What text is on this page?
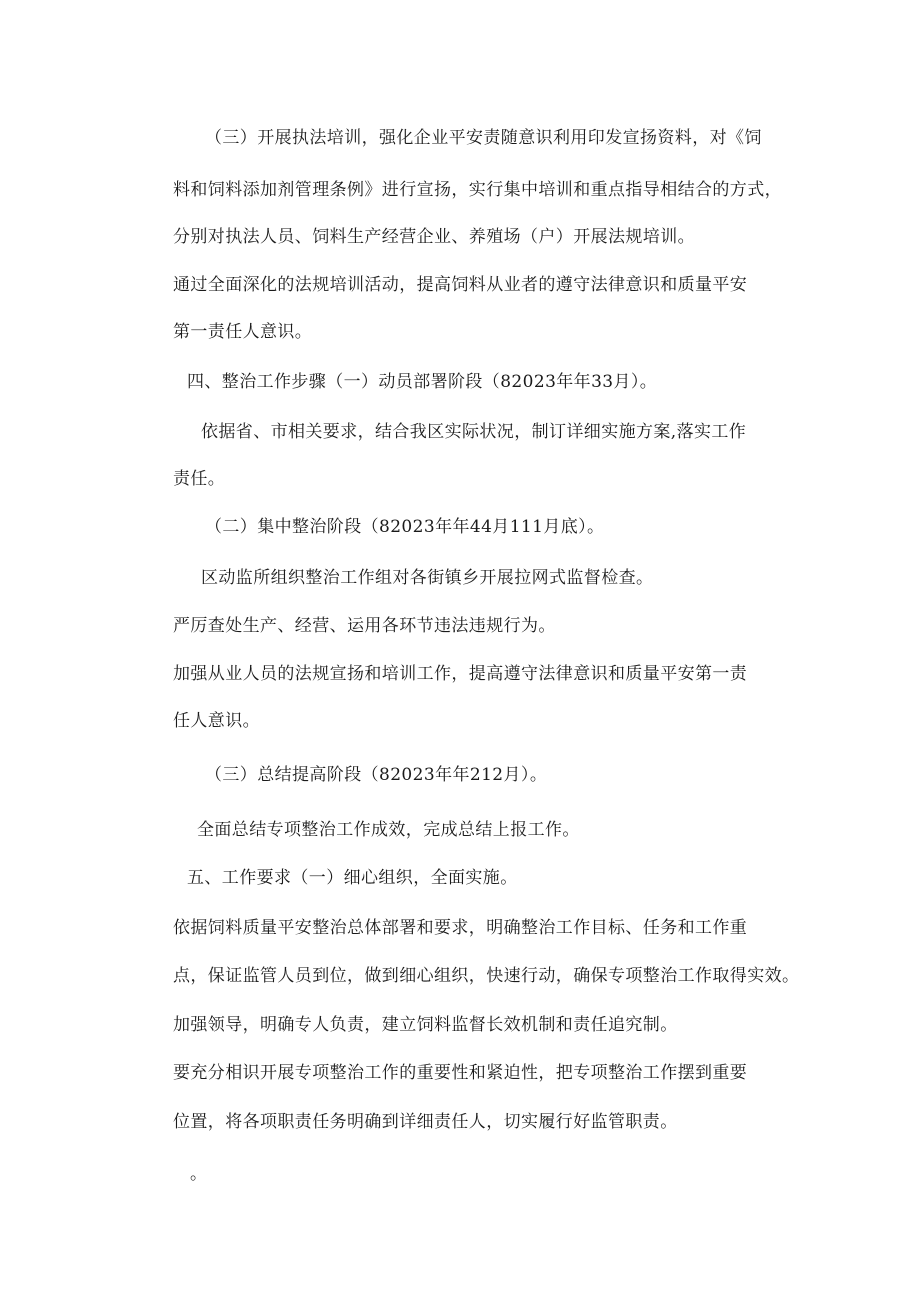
（三）开展执法培训，强化企业平安责随意识利用印发宣扬资料，对《饲

料和饲料添加剂管理条例》进行宣扬，实行集中培训和重点指导相结合的方式，

分别对执法人员、饲料生产经营企业、养殖场（户）开展法规培训。

通过全面深化的法规培训活动，提高饲料从业者的遵守法律意识和质量平安

第一责任人意识。

四、整治工作步骤（一）动员部署阶段（82023年年33月）。

依据省、市相关要求，结合我区实际状况，制订详细实施方案,落实工作

责任。

（二）集中整治阶段（82023年年44月111月底）。

区动监所组织整治工作组对各街镇乡开展拉网式监督检查。

严厉查处生产、经营、运用各环节违法违规行为。

加强从业人员的法规宣扬和培训工作，提高遵守法律意识和质量平安第一责

任人意识。

（三）总结提高阶段（82023年年212月）。

全面总结专项整治工作成效，完成总结上报工作。

五、工作要求（一）细心组织，全面实施。

依据饲料质量平安整治总体部署和要求，明确整治工作目标、任务和工作重

点，保证监管人员到位，做到细心组织，快速行动，确保专项整治工作取得实效。

加强领导，明确专人负责，建立饲料监督长效机制和责任追究制。

要充分相识开展专项整治工作的重要性和紧迫性，把专项整治工作摆到重要

位置，将各项职责任务明确到详细责任人，切实履行好监管职责。

。
